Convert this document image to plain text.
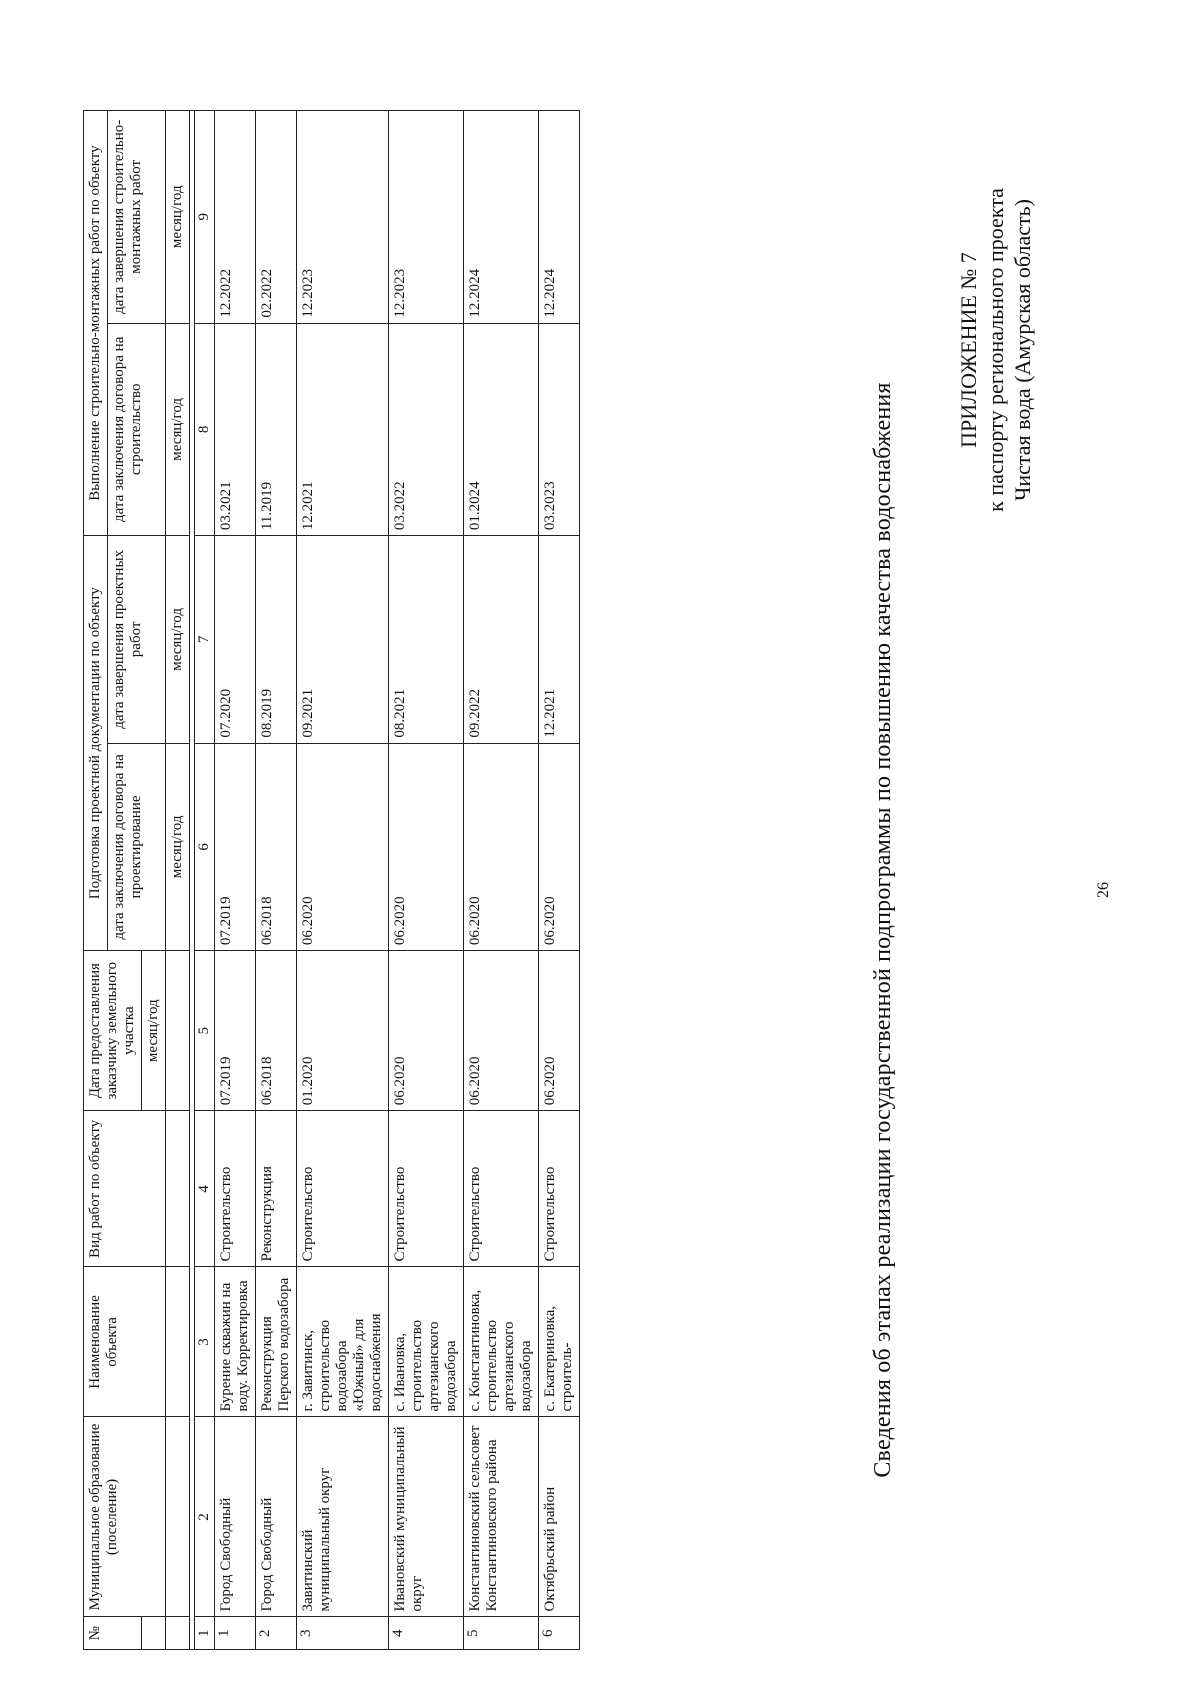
26
ПРИЛОЖЕНИЕ № 7 к паспорту регионального проекта Чистая вода (Амурская область)
Сведения об этапах реализации государственной подпрограммы по повышению качества водоснабжения
№	Муниципальное образование (поселение)	Наименование объекта	Вид работ по объекту	Дата предоставления заказчику земельного участка	Подготовка проектной документации по объекту		Выполнение строительно-монтажных работ по объекту	
					дата заключения договора на проектирование	дата завершения проектных работ	дата заключения договора на строительство	дата завершения строительно-монтажных работ
				месяц/год				
					месяц/год	месяц/год	месяц/год	месяц/год

1	2	3	4	5	6	7	8	9
1	Город Свободный	Бурение скважин на воду. Корректировка	Строительство	07.2019	07.2019	07.2020	03.2021	12.2022
2	Город Свободный	Реконструкция Перского водозабора	Реконструкция	06.2018	06.2018	08.2019	11.2019	02.2022
3	Завитинский муниципальный округ	г. Завитинск, строительство водозабора «Южный» для водоснабжения	Строительство	01.2020	06.2020	09.2021	12.2021	12.2023
4	Ивановский муниципальный округ	с. Ивановка, строительство артезианского водозабора	Строительство	06.2020	06.2020	08.2021	03.2022	12.2023
5	Константиновский сельсовет Константиновского района	с. Константиновка, строительство артезианского водозабора	Строительство	06.2020	06.2020	09.2022	01.2024	12.2024
6	Октябрьский район	с. Екатериновка, строитель-	Строительство	06.2020	06.2020	12.2021	03.2023	12.2024
